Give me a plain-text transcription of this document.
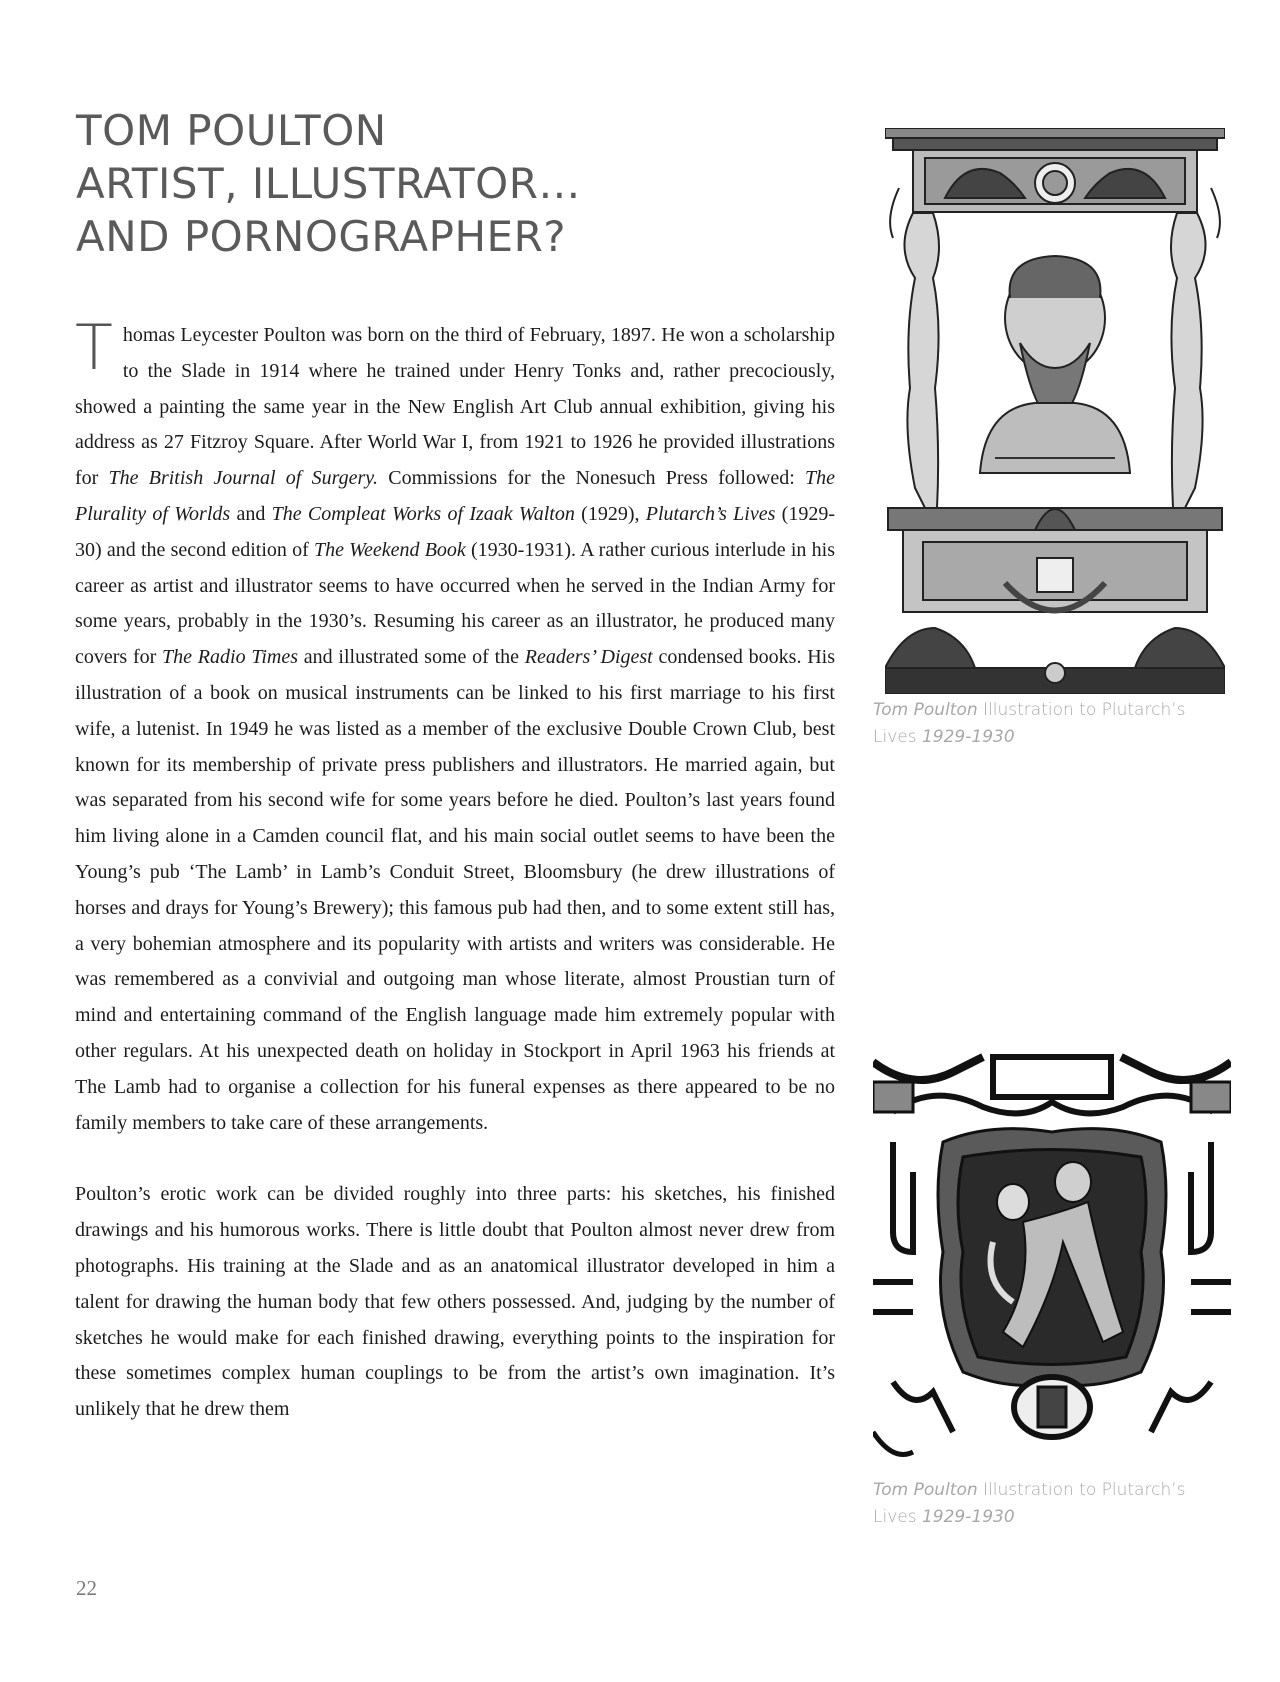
TOM POULTON
ARTIST, ILLUSTRATOR…
AND PORNOGRAPHER?

Thomas Leycester Poulton was born on the third of February, 1897. He won a scholarship to the Slade in 1914 where he trained under Henry Tonks and, rather precociously, showed a painting the same year in the New English Art Club annual exhibition, giving his address as 27 Fitzroy Square. After World War I, from 1921 to 1926 he provided illustrations for The British Journal of Surgery. Commissions for the Nonesuch Press followed: The Plurality of Worlds and The Compleat Works of Izaak Walton (1929), Plutarch’s Lives (1929-30) and the second edition of The Weekend Book (1930-1931). A rather curious interlude in his career as artist and illustrator seems to have occurred when he served in the Indian Army for some years, probably in the 1930’s. Resuming his career as an illustrator, he produced many covers for The Radio Times and illustrated some of the Readers’ Digest condensed books. His illustration of a book on musical instruments can be linked to his first marriage to his first wife, a lutenist. In 1949 he was listed as a member of the exclusive Double Crown Club, best known for its membership of private press publishers and illustrators. He married again, but was separated from his second wife for some years before he died. Poulton’s last years found him living alone in a Camden council flat, and his main social outlet seems to have been the Young’s pub ‘The Lamb’ in Lamb’s Conduit Street, Bloomsbury (he drew illustrations of horses and drays for Young’s Brewery); this famous pub had then, and to some extent still has, a very bohemian atmosphere and its popularity with artists and writers was considerable. He was remembered as a convivial and outgoing man whose literate, almost Proustian turn of mind and entertaining command of the English language made him extremely popular with other regulars. At his unexpected death on holiday in Stockport in April 1963 his friends at The Lamb had to organise a collection for his funeral expenses as there appeared to be no family members to take care of these arrangements.

Poulton’s erotic work can be divided roughly into three parts: his sketches, his finished drawings and his humorous works. There is little doubt that Poulton almost never drew from photographs. His training at the Slade and as an anatomical illustrator developed in him a talent for drawing the human body that few others possessed. And, judging by the number of sketches he would make for each finished drawing, everything points to the inspiration for these sometimes complex human couplings to be from the artist’s own imagination. It’s unlikely that he drew them

Tom Poulton Illustration to Plutarch’s Lives 1929-1930
Tom Poulton Illustration to Plutarch’s Lives 1929-1930
22
